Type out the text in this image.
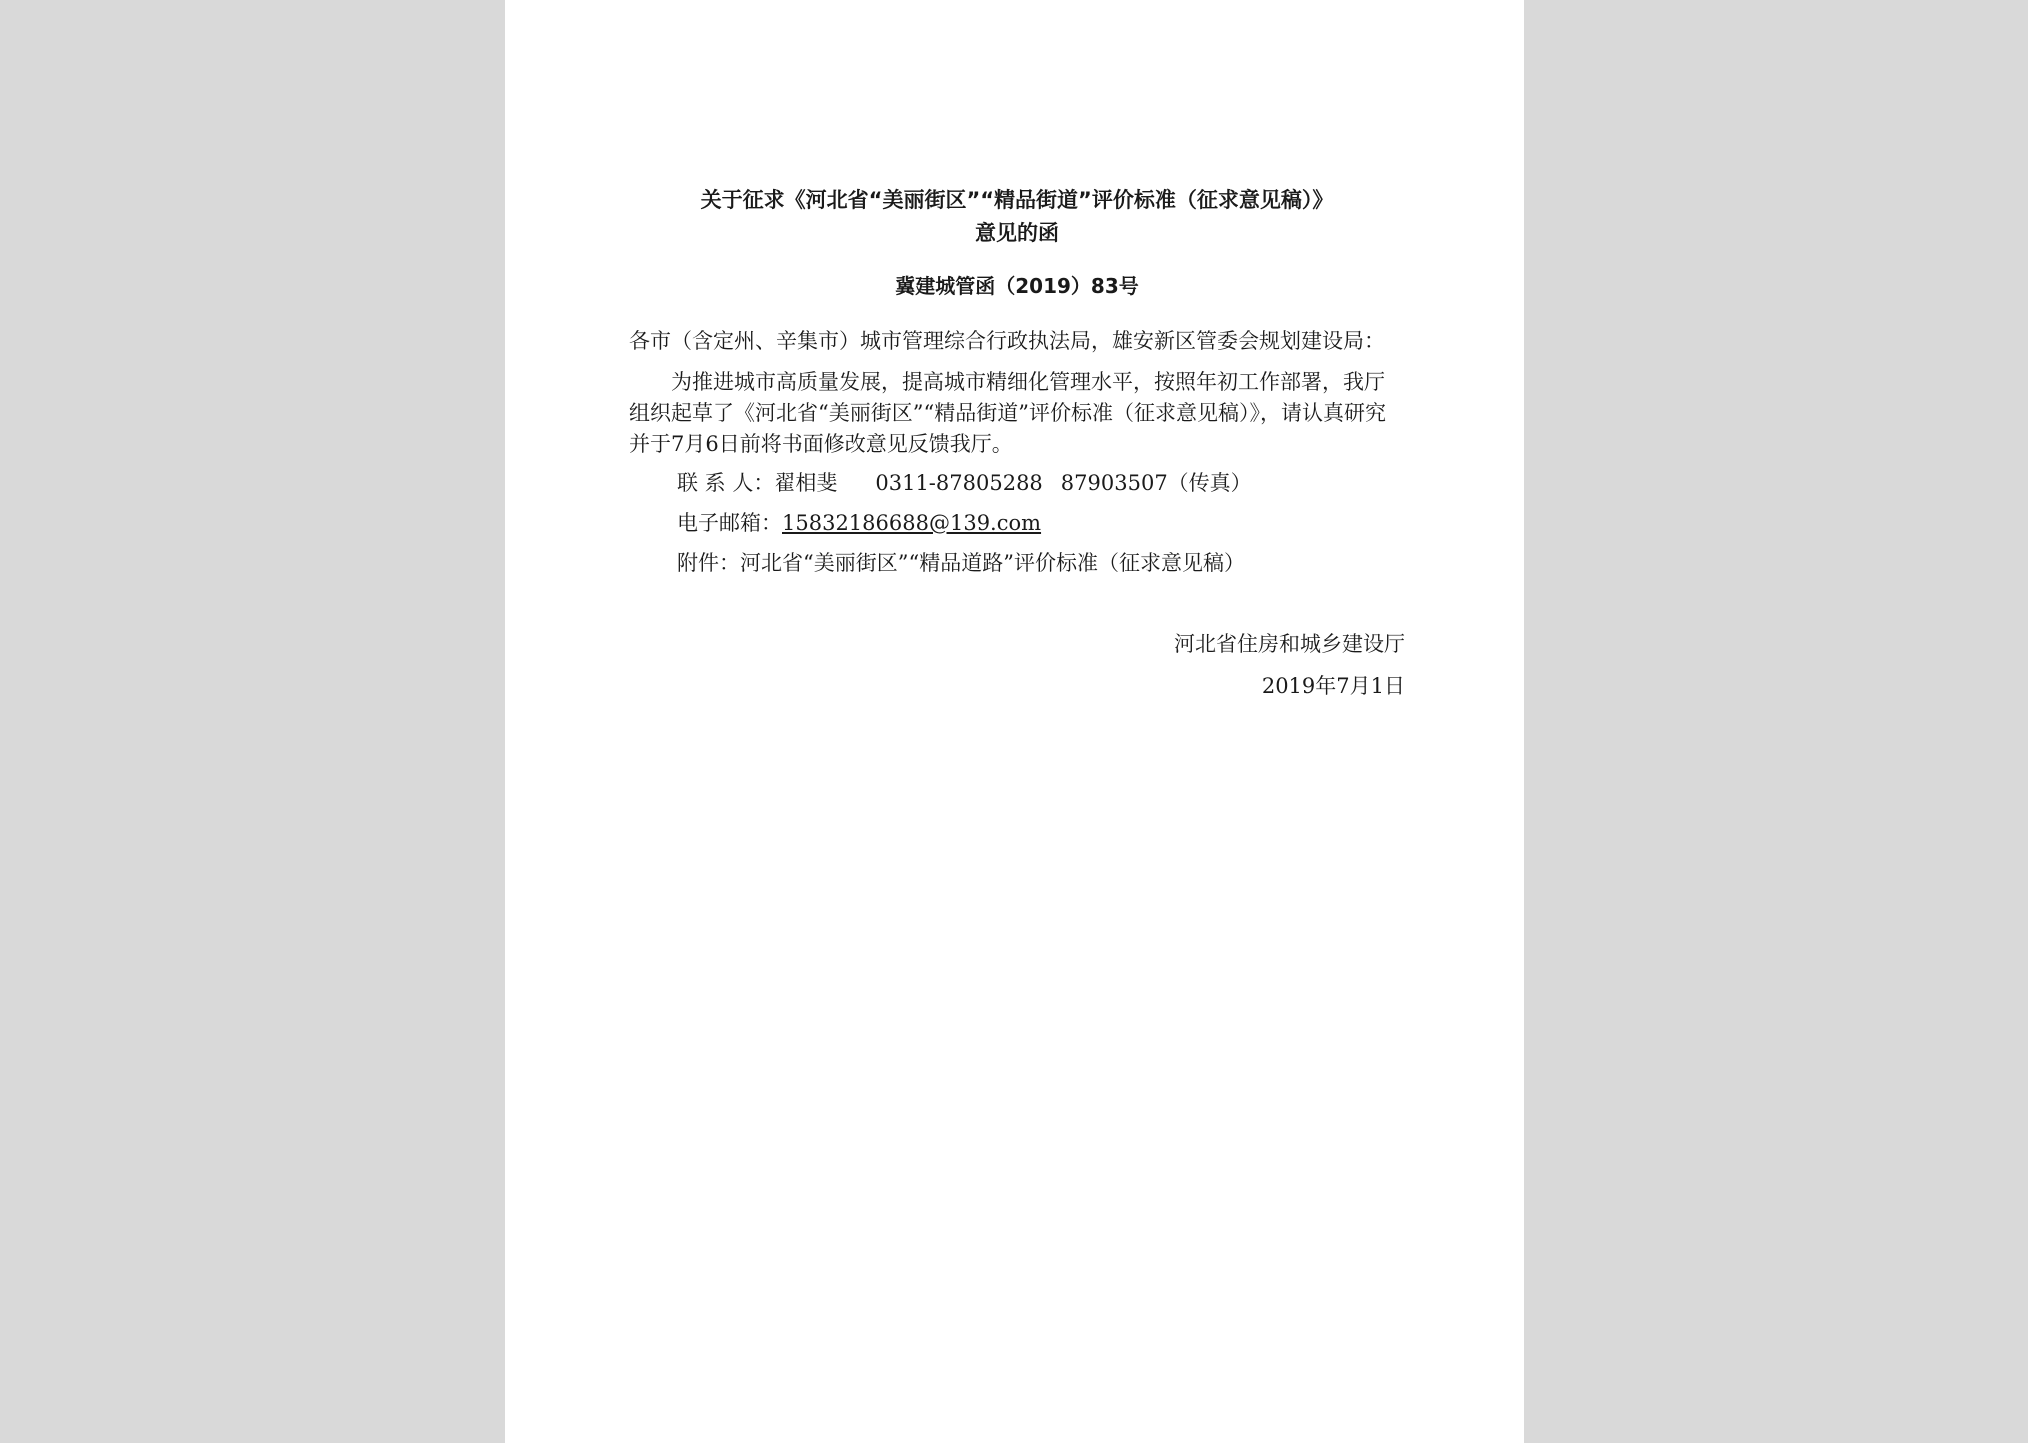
关于征求《河北省“美丽街区”“精品街道”评价标准（征求意见稿）》
意见的函
冀建城管函（2019）83号

各市（含定州、辛集市）城市管理综合行政执法局，雄安新区管委会规划建设局：

为推进城市高质量发展，提高城市精细化管理水平，按照年初工作部署，我厅组织起草了《河北省“美丽街区”“精品街道”评价标准（征求意见稿）》，请认真研究并于7月6日前将书面修改意见反馈我厅。

联 系 人：翟相斐 0311-87805288 87903507（传真）
电子邮箱：15832186688@139.com
附件：河北省“美丽街区”“精品道路”评价标准（征求意见稿）
河北省住房和城乡建设厅
2019年7月1日
